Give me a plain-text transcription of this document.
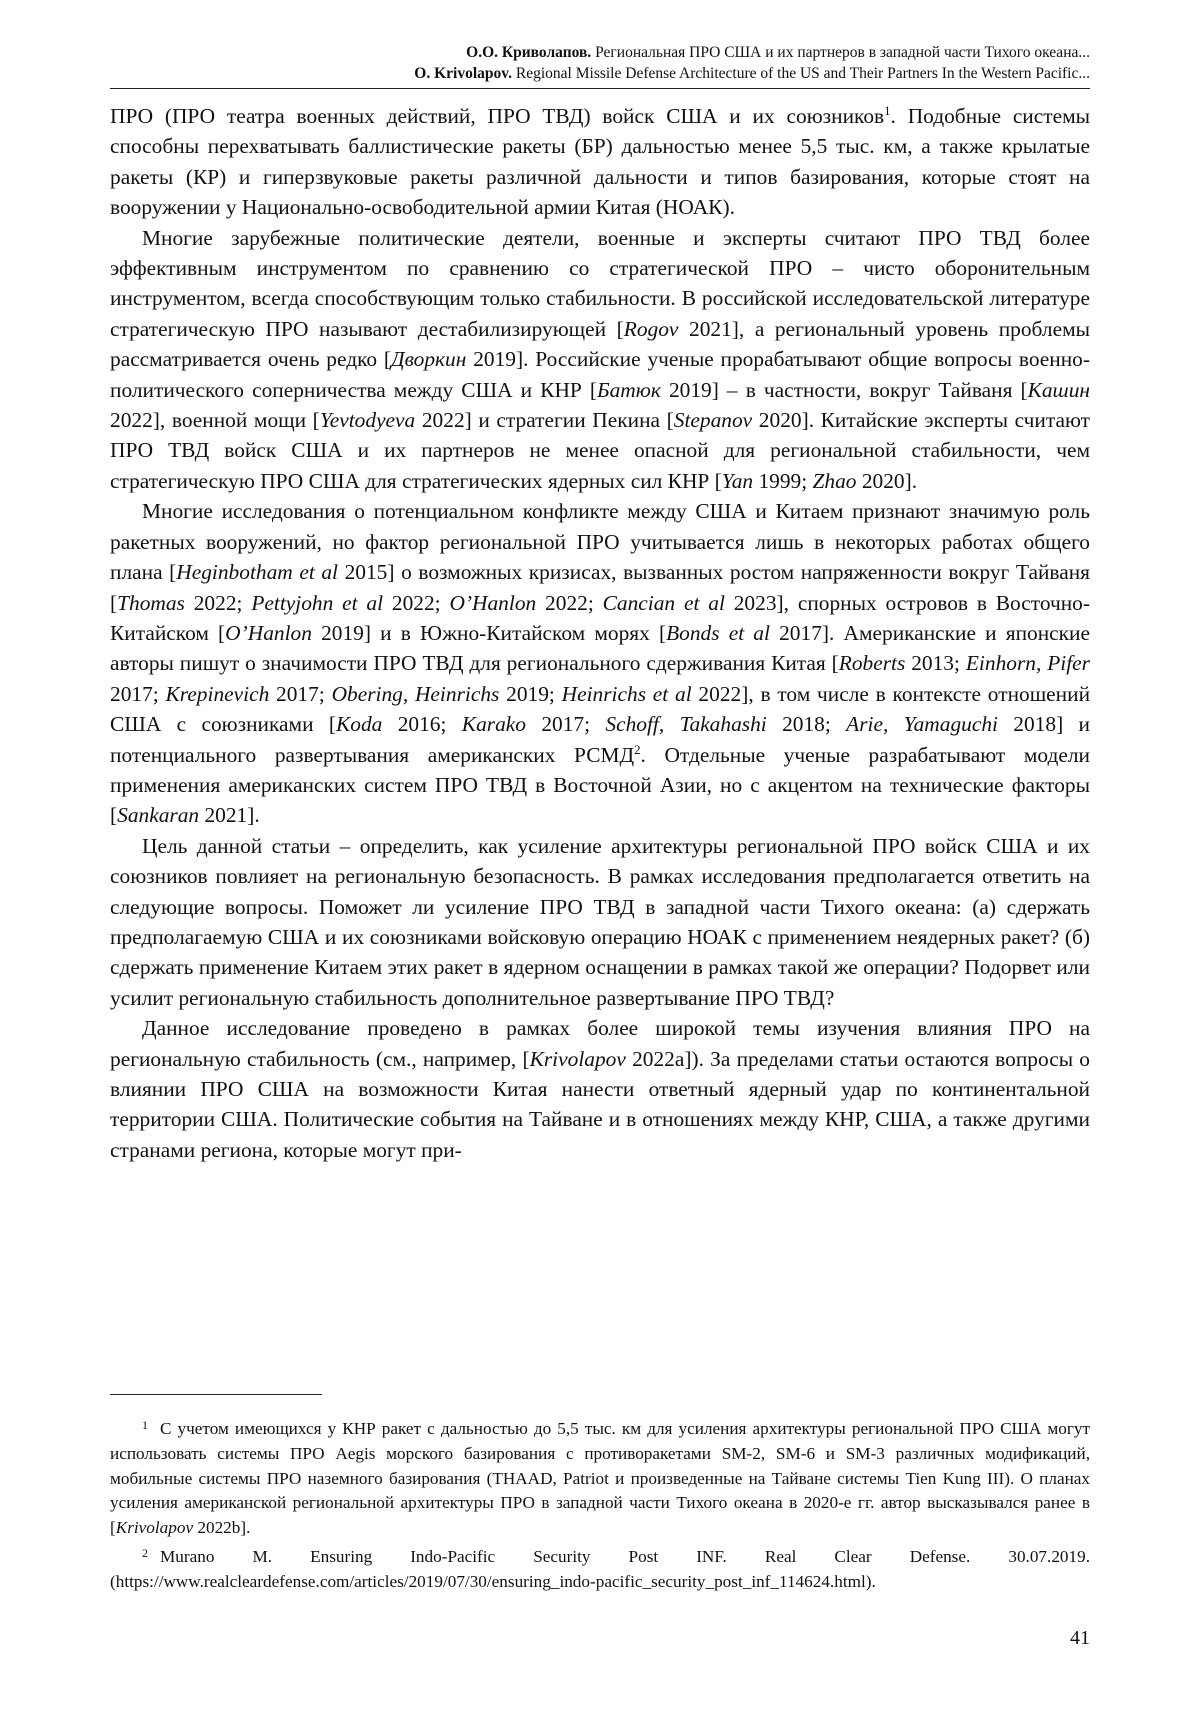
О.О. Криволапов. Региональная ПРО США и их партнеров в западной части Тихого океана...
O. Krivolapov. Regional Missile Defense Architecture of the US and Their Partners In the Western Pacific...

ПРО (ПРО театра военных действий, ПРО ТВД) войск США и их союзников$^1$. Подобные системы способны перехватывать баллистические ракеты (БР) дальностью менее 5,5 тыс. км, а также крылатые ракеты (КР) и гиперзвуковые ракеты различной дальности и типов базирования, которые стоят на вооружении у Национально-освободительной армии Китая (НОАК).

Многие зарубежные политические деятели, военные и эксперты считают ПРО ТВД более эффективным инструментом по сравнению со стратегической ПРО – чисто оборонительным инструментом, всегда способствующим только стабильности. В российской исследовательской литературе стратегическую ПРО называют дестабилизирующей [Rogov 2021], а региональный уровень проблемы рассматривается очень редко [Дворкин 2019]. Российские ученые прорабатывают общие вопросы военно-политического соперничества между США и КНР [Батюк 2019] – в частности, вокруг Тайваня [Кашин 2022], военной мощи [Yevtodyeva 2022] и стратегии Пекина [Stepanov 2020]. Китайские эксперты считают ПРО ТВД войск США и их партнеров не менее опасной для региональной стабильности, чем стратегическую ПРО США для стратегических ядерных сил КНР [Yan 1999; Zhao 2020].

Многие исследования о потенциальном конфликте между США и Китаем признают значимую роль ракетных вооружений, но фактор региональной ПРО учитывается лишь в некоторых работах общего плана [Heginbotham et al 2015] о возможных кризисах, вызванных ростом напряженности вокруг Тайваня [Thomas 2022; Pettyjohn et al 2022; O’Hanlon 2022; Cancian et al 2023], спорных островов в Восточно-Китайском [O’Hanlon 2019] и в Южно-Китайском морях [Bonds et al 2017]. Американские и японские авторы пишут о значимости ПРО ТВД для регионального сдерживания Китая [Roberts 2013; Einhorn, Pifer 2017; Krepinevich 2017; Obering, Heinrichs 2019; Heinrichs et al 2022], в том числе в контексте отношений США с союзниками [Koda 2016; Karako 2017; Schoff, Takahashi 2018; Arie, Yamaguchi 2018] и потенциального развертывания американских РСМД$^2$. Отдельные ученые разрабатывают модели применения американских систем ПРО ТВД в Восточной Азии, но с акцентом на технические факторы [Sankaran 2021].

Цель данной статьи – определить, как усиление архитектуры региональной ПРО войск США и их союзников повлияет на региональную безопасность. В рамках исследования предполагается ответить на следующие вопросы. Поможет ли усиление ПРО ТВД в западной части Тихого океана: (а) сдержать предполагаемую США и их союзниками войсковую операцию НОАК с применением неядерных ракет? (б) сдержать применение Китаем этих ракет в ядерном оснащении в рамках такой же операции? Подорвет или усилит региональную стабильность дополнительное развертывание ПРО ТВД?

Данное исследование проведено в рамках более широкой темы изучения влияния ПРО на региональную стабильность (см., например, [Krivolapov 2022a]). За пределами статьи остаются вопросы о влиянии ПРО США на возможности Китая нанести ответный ядерный удар по континентальной территории США. Политические события на Тайване и в отношениях между КНР, США, а также другими странами региона, которые могут при-

$^1$ С учетом имеющихся у КНР ракет с дальностью до 5,5 тыс. км для усиления архитектуры региональной ПРО США могут использовать системы ПРО Aegis морского базирования с противоракетами SM-2, SM-6 и SM-3 различных модификаций, мобильные системы ПРО наземного базирования (THAAD, Patriot и произведенные на Тайване системы Tien Kung III). О планах усиления американской региональной архитектуры ПРО в западной части Тихого океана в 2020-е гг. автор высказывался ранее в [Krivolapov 2022b].

$^2$ Murano M. Ensuring Indo-Pacific Security Post INF. Real Clear Defense. 30.07.2019. (https://www.realcleardefense.com/articles/2019/07/30/ensuring_indo-pacific_security_post_inf_114624.html).

41
